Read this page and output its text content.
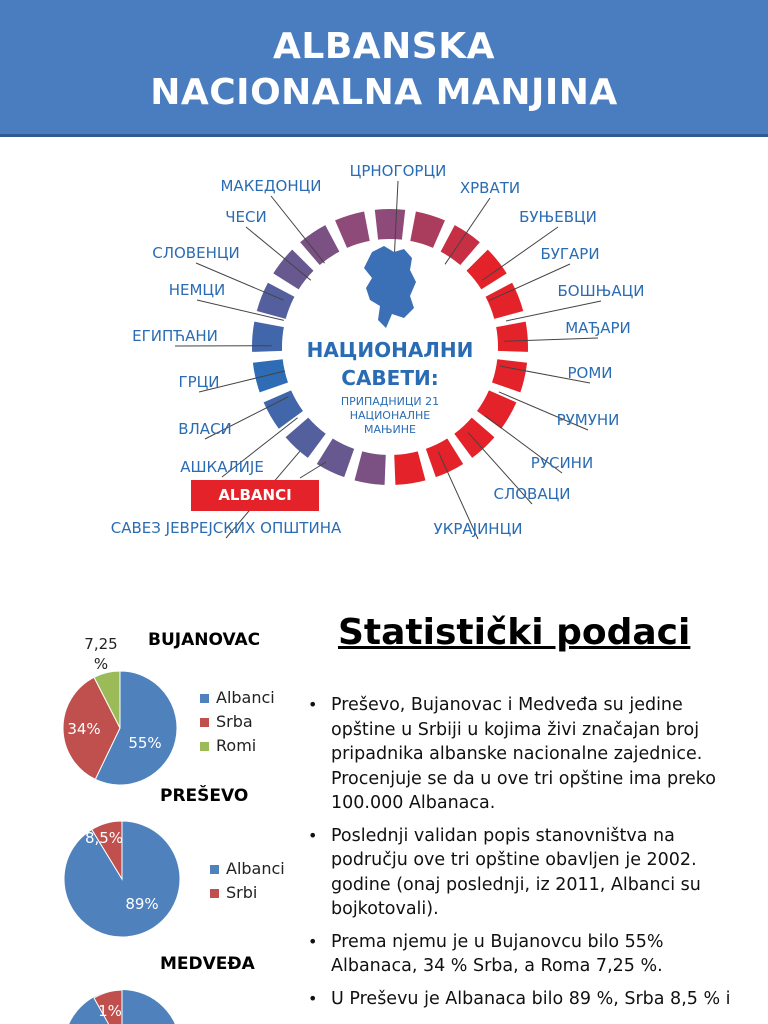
ALBANSKA
NACIONALNA MANJINA
ЦРНОГОРЦИ
ХРВАТИ
БУЊЕВЦИ
БУГАРИ
БОШЊАЦИ
МАЂАРИ
РОМИ
РУМУНИ
РУСИНИ
СЛОВАЦИ
УКРАЈИНЦИ
САВЕЗ ЈЕВРЕЈСКИХ ОПШТИНА
АШКАЛИЈЕ
ВЛАСИ
ГРЦИ
ЕГИПЋАНИ
НЕМЦИ
СЛОВЕНЦИ
ЧЕСИ
МАКЕДОНЦИ
НАЦИОНАЛНИ
САВЕТИ:
ПРИПАДНИЦИ 21
НАЦИОНАЛНЕ
МАЊИНЕ
ALBANCI
Statistički podaci
• Preševo, Bujanovac i Medveđa su jedine opštine u Srbiji u kojima živi značajan broj pripadnika albanske nacionalne zajednice. Procenjuje se da u ove tri opštine ima preko 100.000 Albanaca.
• Poslednji validan popis stanovništva na području ove tri opštine obavljen je 2002. godine (onaj poslednji, iz 2011, Albanci su bojkotovali).
• Prema njemu je u Bujanovcu bilo 55% Albanaca, 34 % Srba, a Roma 7,25 %.
• U Preševu je Albanaca bilo 89 %, Srba 8,5 % i
BUJANOVAC
7,25 %
55%
34%
Albanci
Srba
Romi
PREŠEVO
89%
8,5%
Albanci
Srbi
MEDVEĐA
1%
